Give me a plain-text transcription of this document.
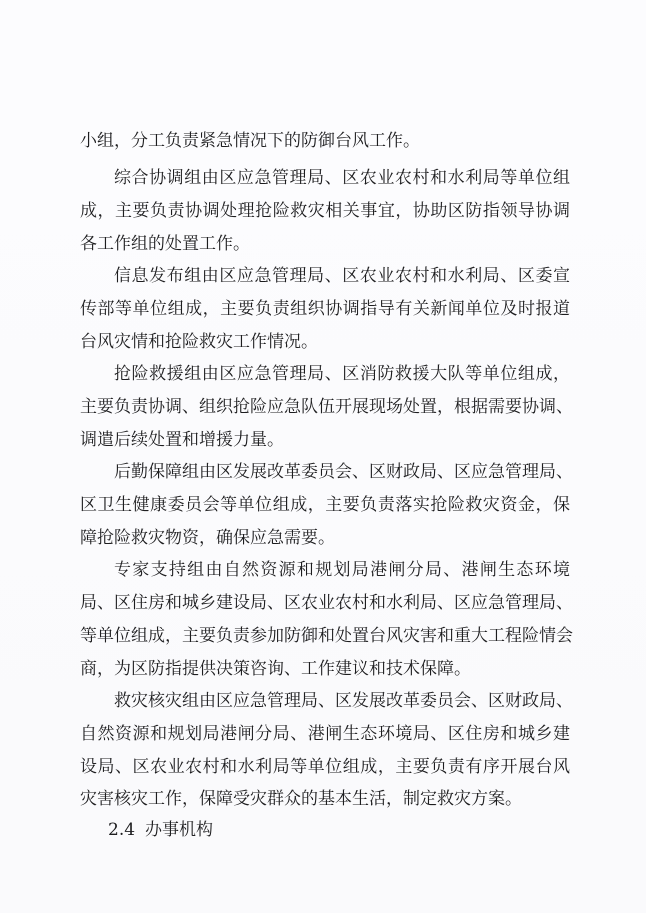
小组，分工负责紧急情况下的防御台风工作。
综合协调组由区应急管理局、区农业农村和水利局等单位组
成，主要负责协调处理抢险救灾相关事宜，协助区防指领导协调
各工作组的处置工作。
信息发布组由区应急管理局、区农业农村和水利局、区委宣
传部等单位组成，主要负责组织协调指导有关新闻单位及时报道
台风灾情和抢险救灾工作情况。
抢险救援组由区应急管理局、区消防救援大队等单位组成，
主要负责协调、组织抢险应急队伍开展现场处置，根据需要协调、
调遣后续处置和增援力量。
后勤保障组由区发展改革委员会、区财政局、区应急管理局、
区卫生健康委员会等单位组成，主要负责落实抢险救灾资金，保
障抢险救灾物资，确保应急需要。
专家支持组由自然资源和规划局港闸分局、港闸生态环境
局、区住房和城乡建设局、区农业农村和水利局、区应急管理局、
等单位组成，主要负责参加防御和处置台风灾害和重大工程险情会
商，为区防指提供决策咨询、工作建议和技术保障。
救灾核灾组由区应急管理局、区发展改革委员会、区财政局、
自然资源和规划局港闸分局、港闸生态环境局、区住房和城乡建
设局、区农业农村和水利局等单位组成，主要负责有序开展台风
灾害核灾工作，保障受灾群众的基本生活，制定救灾方案。
2.4 办事机构
